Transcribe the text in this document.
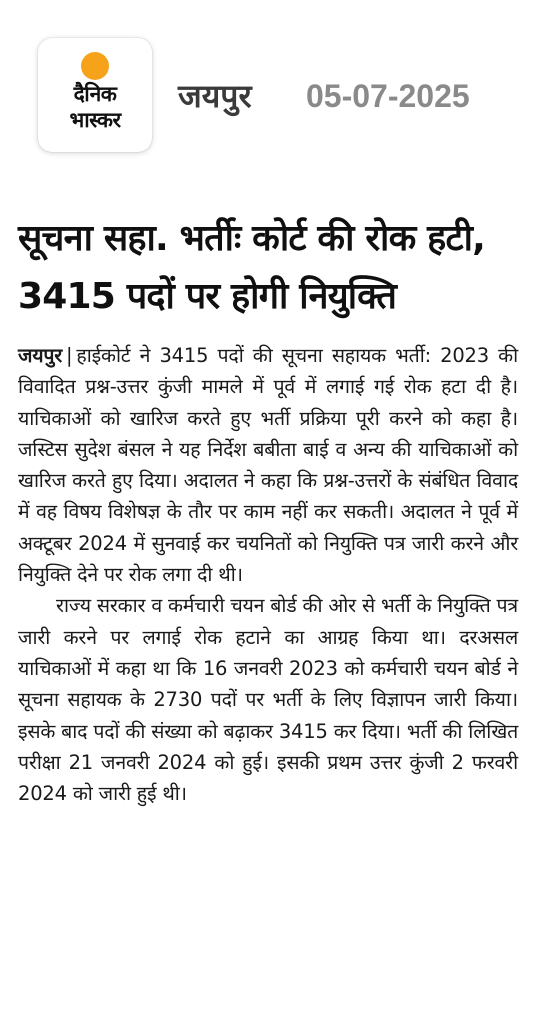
दैनिक
भास्कर
जयपुर 05-07-2025
सूचना सहा. भर्तीः कोर्ट की रोक हटी, 3415 पदों पर होगी नियुक्ति

जयपुर | हाईकोर्ट ने 3415 पदों की सूचना सहायक भर्ती: 2023 की विवादित प्रश्न-उत्तर कुंजी मामले में पूर्व में लगाई गई रोक हटा दी है। याचिकाओं को खारिज करते हुए भर्ती प्रक्रिया पूरी करने को कहा है। जस्टिस सुदेश बंसल ने यह निर्देश बबीता बाई व अन्य की याचिकाओं को खारिज करते हुए दिया। अदालत ने कहा कि प्रश्न-उत्तरों के संबंधित विवाद में वह विषय विशेषज्ञ के तौर पर काम नहीं कर सकती। अदालत ने पूर्व में अक्टूबर 2024 में सुनवाई कर चयनितों को नियुक्ति पत्र जारी करने और नियुक्ति देने पर रोक लगा दी थी।

राज्य सरकार व कर्मचारी चयन बोर्ड की ओर से भर्ती के नियुक्ति पत्र जारी करने पर लगाई रोक हटाने का आग्रह किया था। दरअसल याचिकाओं में कहा था कि 16 जनवरी 2023 को कर्मचारी चयन बोर्ड ने सूचना सहायक के 2730 पदों पर भर्ती के लिए विज्ञापन जारी किया। इसके बाद पदों की संख्या को बढ़ाकर 3415 कर दिया। भर्ती की लिखित परीक्षा 21 जनवरी 2024 को हुई। इसकी प्रथम उत्तर कुंजी 2 फरवरी 2024 को जारी हुई थी।
